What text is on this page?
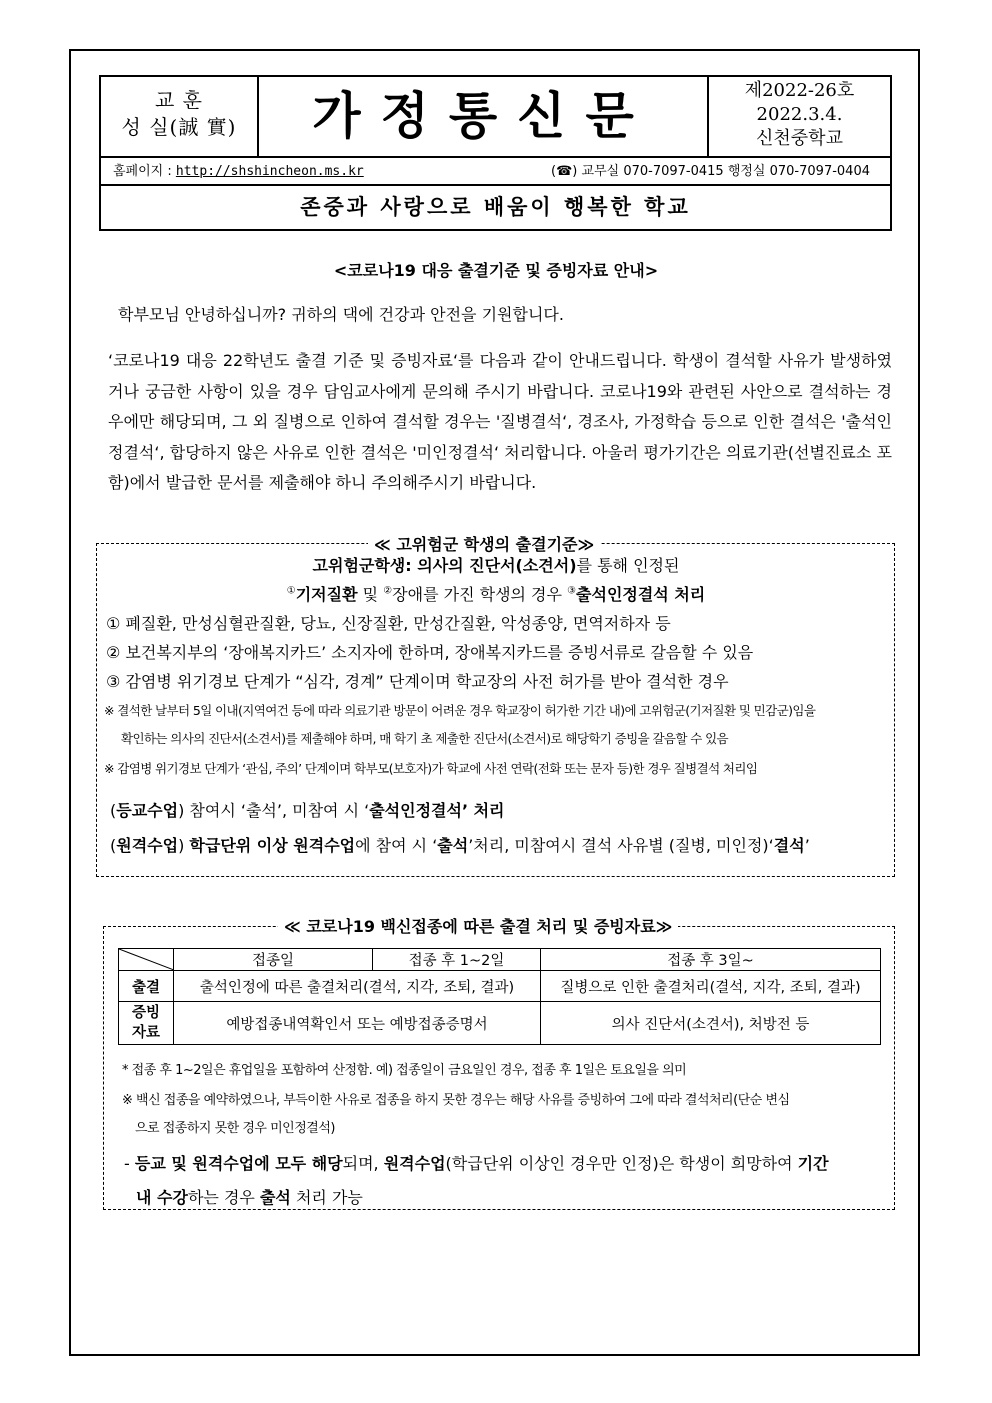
교 훈
성 실(誠 實)	가정통신문	제2022-26호
2022.3.4.
신천중학교
홈페이지 : http://shshincheon.ms.kr	(☎) 교무실 070-7097-0415 행정실 070-7097-0404
존중과 사랑으로 배움이 행복한 학교
<코로나19 대응 출결기준 및 증빙자료 안내>
학부모님 안녕하십니까? 귀하의 댁에 건강과 안전을 기원합니다.
‘코로나19 대응 22학년도 출결 기준 및 증빙자료‘를 다음과 같이 안내드립니다. 학생이 결석할 사유가 발생하였거나 궁금한 사항이 있을 경우 담임교사에게 문의해 주시기 바랍니다. 코로나19와 관련된 사안으로 결석하는 경우에만 해당되며, 그 외 질병으로 인하여 결석할 경우는 '질병결석‘, 경조사, 가정학습 등으로 인한 결석은 '출석인정결석‘, 합당하지 않은 사유로 인한 결석은 '미인정결석‘ 처리합니다. 아울러 평가기간은 의료기관(선별진료소 포함)에서 발급한 문서를 제출해야 하니 주의해주시기 바랍니다.
≪ 고위험군 학생의 출결기준≫
고위험군학생: 의사의 진단서(소견서)를 통해 인정된
①기저질환 및 ②장애를 가진 학생의 경우 ③출석인정결석 처리
① 폐질환, 만성심혈관질환, 당뇨, 신장질환, 만성간질환, 악성종양, 면역저하자 등
② 보건복지부의 ‘장애복지카드’ 소지자에 한하며, 장애복지카드를 증빙서류로 갈음할 수 있음
③ 감염병 위기경보 단계가 “심각, 경계” 단계이며 학교장의 사전 허가를 받아 결석한 경우
※ 결석한 날부터 5일 이내(지역여건 등에 따라 의료기관 방문이 어려운 경우 학교장이 허가한 기간 내)에 고위험군(기저질환 및 민감군)임을
확인하는 의사의 진단서(소견서)를 제출해야 하며, 매 학기 초 제출한 진단서(소견서)로 해당학기 증빙을 갈음할 수 있음
※ 감염병 위기경보 단계가 ‘관심, 주의’ 단계이며 학부모(보호자)가 학교에 사전 연락(전화 또는 문자 등)한 경우 질병결석 처리임
(등교수업) 참여시 ‘출석’, 미참여 시 ‘출석인정결석’ 처리
(원격수업) 학급단위 이상 원격수업에 참여 시 ‘출석’처리, 미참여시 결석 사유별 (질병, 미인정)‘결석’
≪ 코로나19 백신접종에 따른 출결 처리 및 증빙자료≫
	접종일	접종 후 1~2일	접종 후 3일~
출결	출석인정에 따른 출결처리(결석, 지각, 조퇴, 결과)		질병으로 인한 출결처리(결석, 지각, 조퇴, 결과)
증빙
자료	예방접종내역확인서 또는 예방접종증명서		의사 진단서(소견서), 처방전 등
* 접종 후 1~2일은 휴업일을 포함하여 산정함. 예) 접종일이 금요일인 경우, 접종 후 1일은 토요일을 의미
※ 백신 접종을 예약하였으나, 부득이한 사유로 접종을 하지 못한 경우는 해당 사유를 증빙하여 그에 따라 결석처리(단순 변심
으로 접종하지 못한 경우 미인정결석)
- 등교 및 원격수업에 모두 해당되며, 원격수업(학급단위 이상인 경우만 인정)은 학생이 희망하여 기간
내 수강하는 경우 출석 처리 가능
